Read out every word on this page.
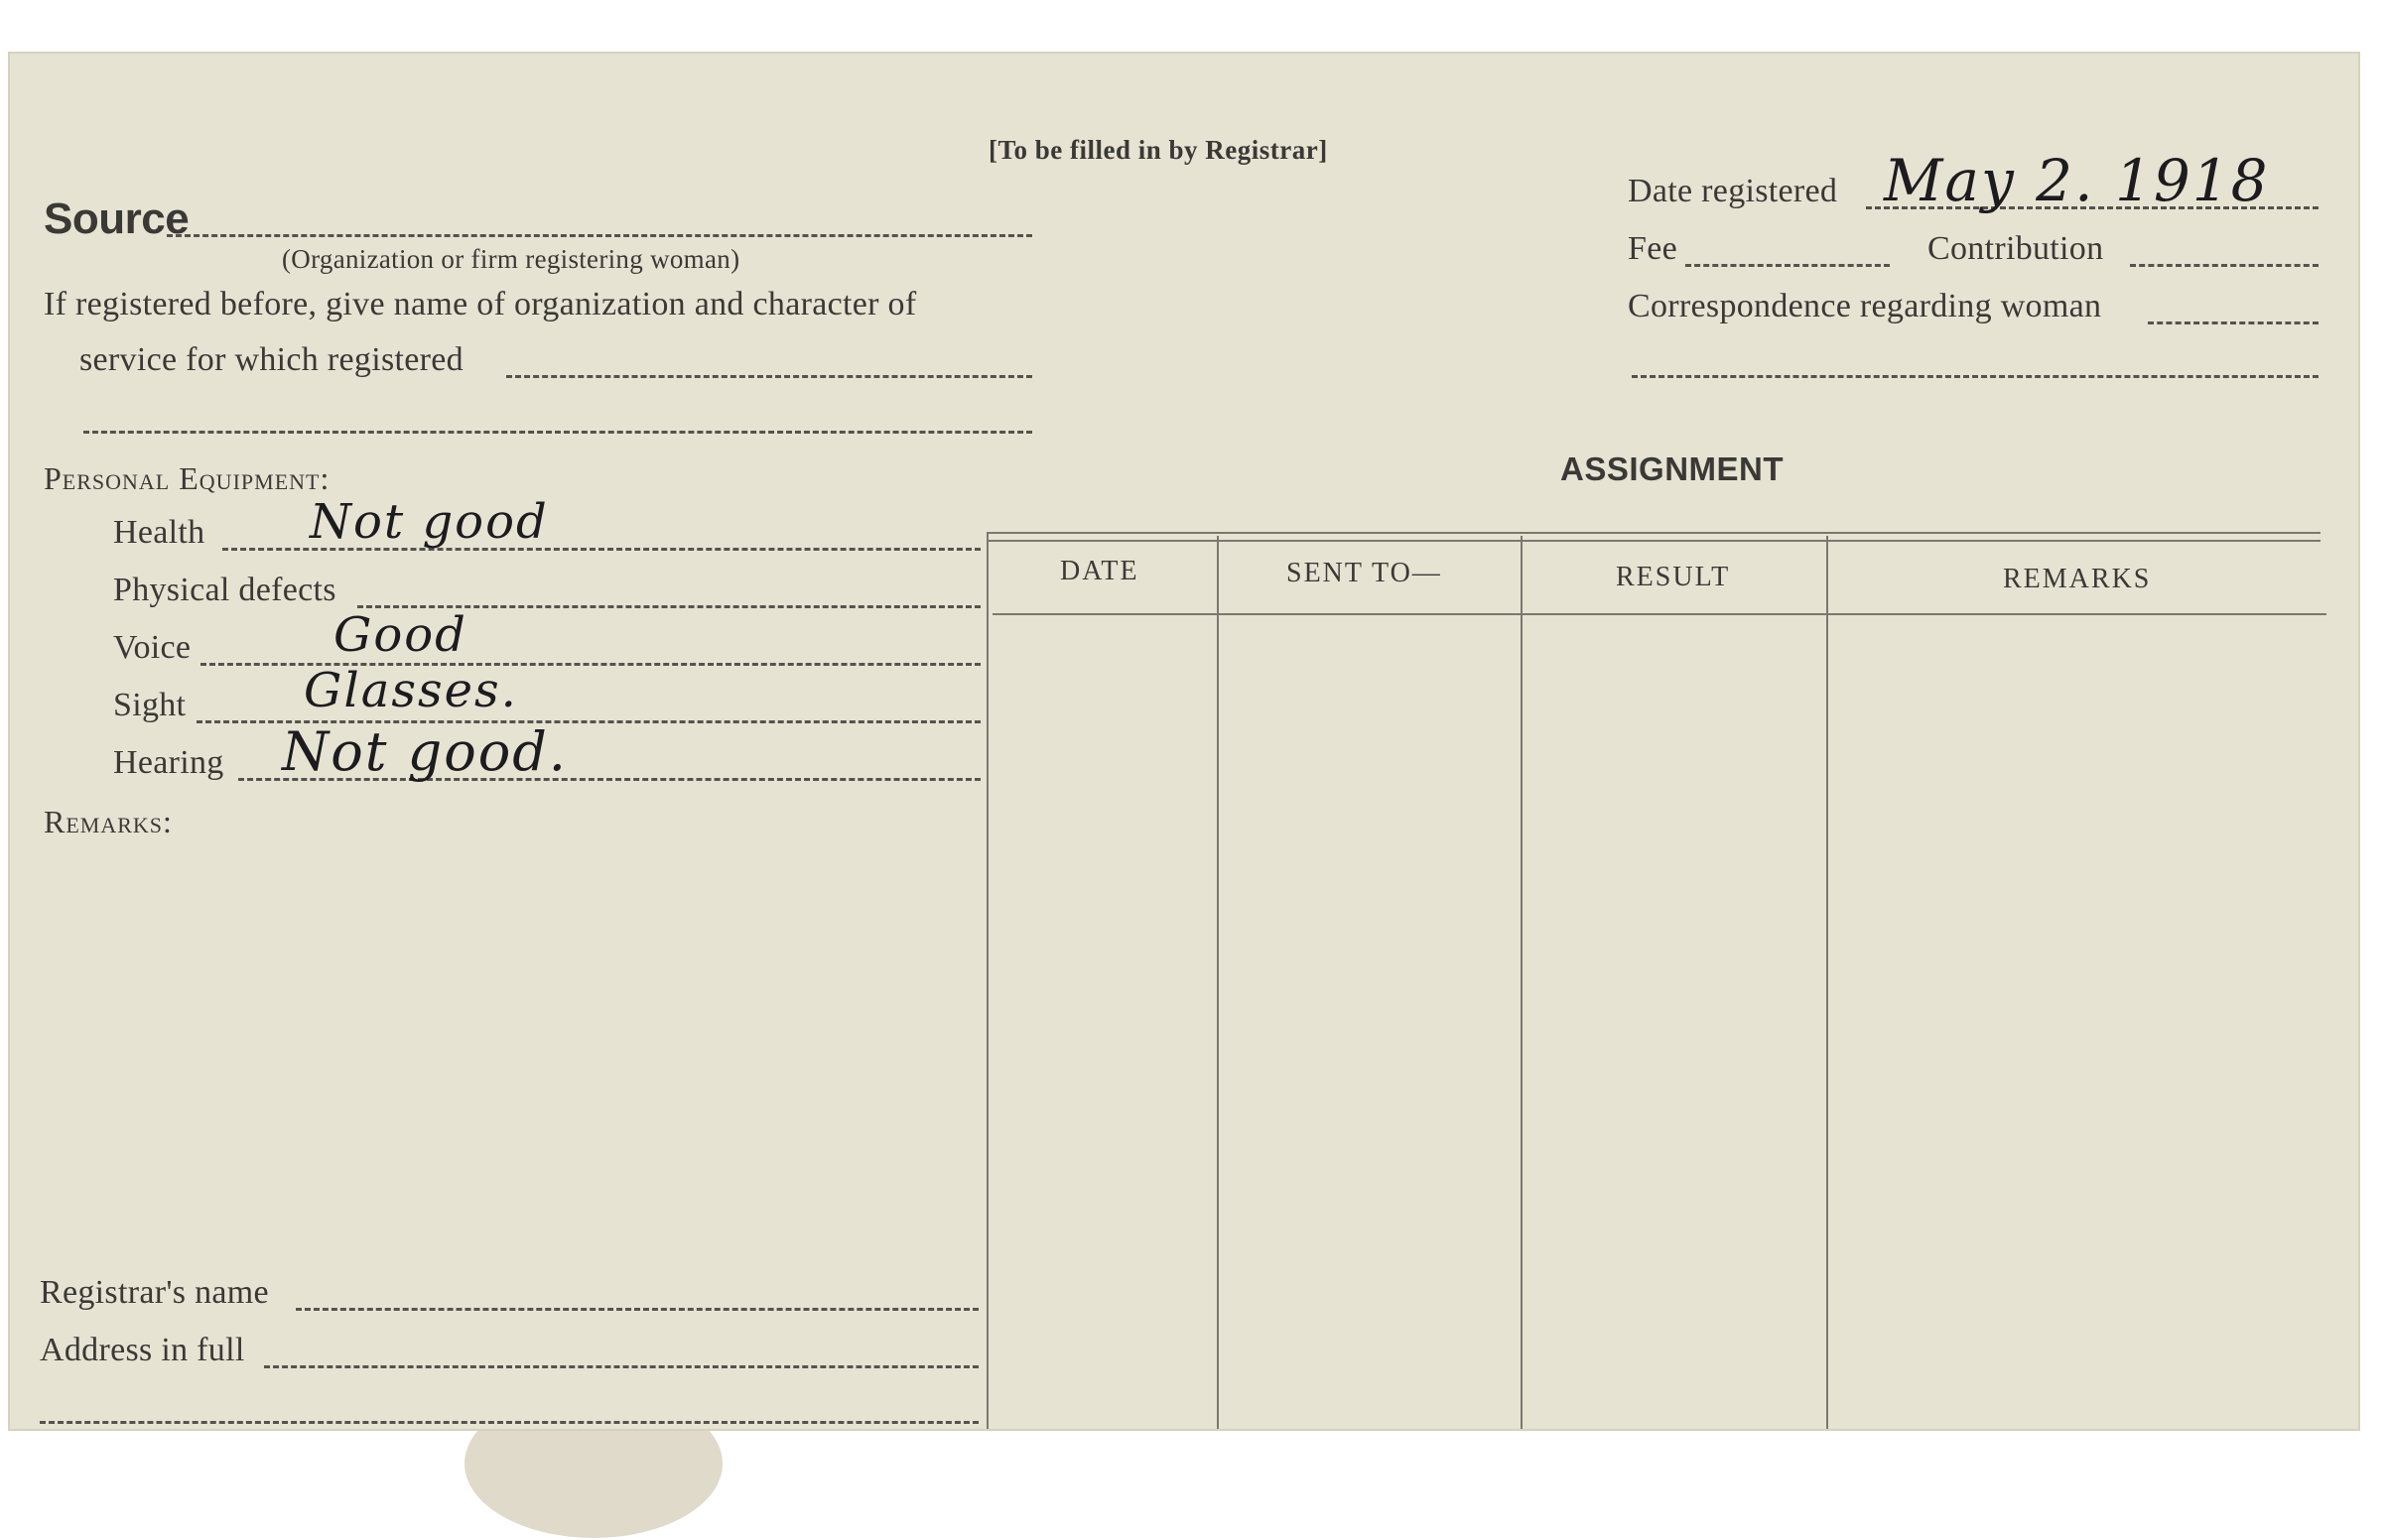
[To be filled in by Registrar]
Source
(Organization or firm registering woman)
If registered before, give name of organization and character of
service for which registered
Personal Equipment:
Health Not good
Physical defects
Voice	Good
Sight Glasses.
Hearing Not good.
Remarks:
Registrar's name
Address in full
Date registered May 2. 1918
Fee	Contribution
Correspondence regarding woman
ASSIGNMENT
DATE	SENT TO—	RESULT	REMARKS
